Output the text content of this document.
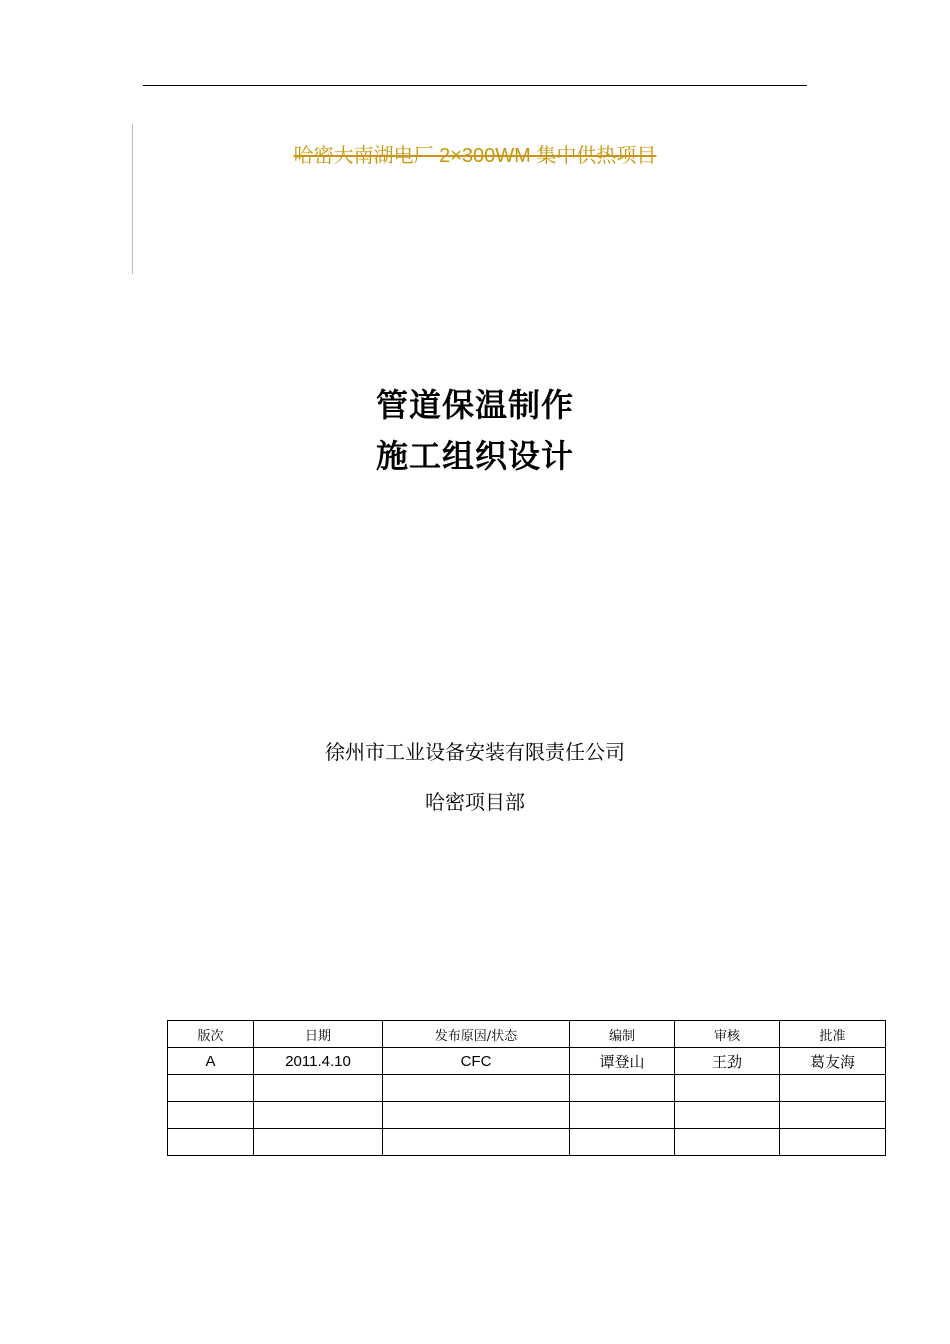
哈密大南湖电厂 2×300WM 集中供热项目
管道保温制作
施工组织设计
徐州市工业设备安装有限责任公司
哈密项目部
版次	日期	发布原因/状态	编制	审核	批准
A	2011.4.10	CFC	谭登山	王劲	葛友海
